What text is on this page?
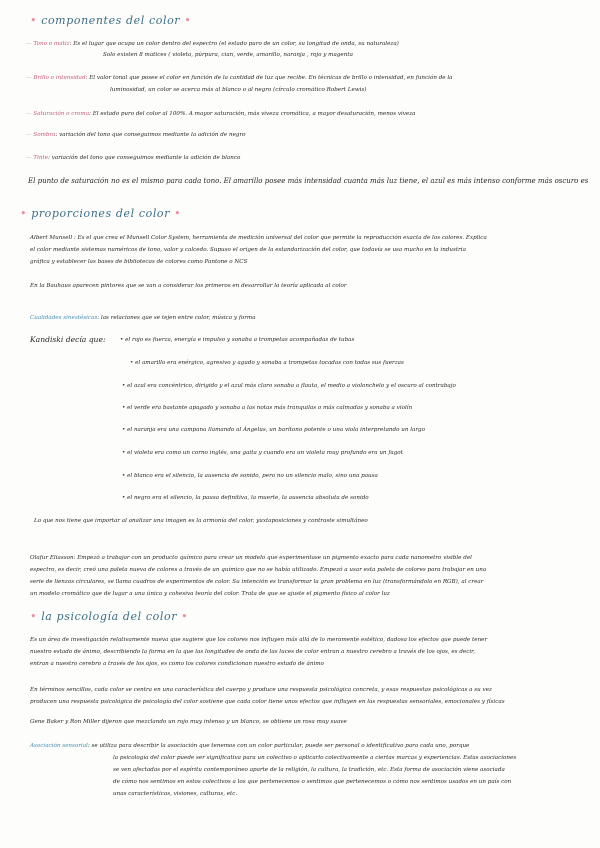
• componentes del color •
— Tono o matiz: Es el lugar que ocupa un color dentro del espectro (el estado puro de un color, su longitud de onda, su naturaleza)
Solo existen 8 matices ( violeta, púrpura, cian, verde, amarillo, naranja , rojo y magenta
— Brillo o intensidad: El valor tonal que posee el color en función de la cantidad de luz que recibe. En técnicas de brillo o intensidad, en función de la
luminosidad, un color se acerca más al blanco o al negro (círculo cromático Robert Lewis)
— Saturación o croma: El estado puro del color al 100%. A mayor saturación, más viveza cromática, a mayor desaturación, menos viveza
— Sombra: variación del tono que conseguimos mediante la adición de negro
— Tinte: variación del tono que conseguimos mediante la adición de blanco
El punto de saturación no es el mismo para cada tono. El amarillo posee más intensidad cuanta más luz tiene, el azul es más intenso conforme más oscuro es
• proporciones del color •
Albert Munsell : Es el que crea el Munsell Color System, herramienta de medición universal del color que permite la reproducción exacta de los colores. Explica
el color mediante sistemas numéricos de tono, valor y calcedo. Supuso el origen de la estandarización del color, que todavía se usa mucho en la industria
gráfica y establecer las bases de bibliotecas de colores como Pantone o NCS
En la Bauhaus aparecen pintores que se van a considerar los primeros en desarrollar la teoría aplicada al color
Cualidades sinestésicas: las relaciones que se tejen entre color, música y forma
Kandiski decía que:	• el rojo es fuerza, energía e impulso y sonaba a trompetas acompañadas de tubas
• el amarillo era enérgico, agresivo y agudo y sonaba a trompetas tocadas con todas sus fuerzas
• el azul era concéntrico, dirigido y el azul más claro sonaba a flauta, el medio a violonchelo y el oscuro al contrabajo
• el verde era bastante apagado y sonaba a las notas más tranquilas o más calmadas y sonaba a violín
• el naranja era una campana llamando al Ángelus, un barítono potente o una viola interpretando un largo
• el violeta era como un corno inglés, una gaita y cuando era un violeta muy profundo era un fagot
• el blanco era el silencio, la ausencia de sonido, pero no un silencio malo, sino una pausa
• el negro era el silencio, la pausa definitiva, la muerte, la ausencia absoluta de sonido
Lo que nos tiene que importar al analizar una imagen es la armonía del color, yuxtaposiciones y contraste simultáneo
Olafur Eliasson: Empezó a trabajar con un producto químico para crear un modelo que experimentase un pigmento exacto para cada nanometro visible del
espectro, es decir, creó una paleta nueva de colores a través de un químico que no se había utilizado. Empezó a usar esta paleta de colores para trabajar en una
serie de lienzos circulares, se llama cuadros de experimentos de color. Su intención es transformar la gran problema en luz (transformándolo en RGB), al crear
un modelo cromático que de lugar a una única y cohesiva teoría del color. Trata de que se ajuste el pigmento físico al color luz
• la psicología del color •
Es un área de investigación relativamente nueva que sugiere que los colores nos influyen más allá de lo meramente estético, dadosa los efectos que puede tener
nuestro estado de ánimo, describiendo la forma en la que las longitudes de onda de las luces de color entran a nuestro cerebro a través de los ojos, es decir,
entran a nuestro cerebro a través de los ojos, es como los colores condicionan nuestro estado de ánimo
En términos sencillos, cada color se centra en una característica del cuerpo y produce una respuesta psicológica concreta, y esas respuestas psicológicas a su vez
producen una respuesta psicológica de psicología del color sostiene que cada color tiene unos efectos que influyen en las respuestas sensoriales, emocionales y físicas
Gene Baker y Ron Miller dijeron que mezclando un rojo muy intenso y un blanco, se obtiene un rosa muy suave
Asociación sensorial: se utiliza para describir la asociación que tenemos con un color particular, puede ser personal o identificativo para cada uno, porque
la psicología del color puede ser significativa para un colectivo o aplicarlo colectivamente a ciertas marcas y experiencias. Estas asociaciones
se ven afectadas por el espíritu contemporáneo aparte de la religión, la cultura, la tradición, etc. Esta forma de asociación viene asociada
de cómo nos sentimos en estos colectivos a los que pertenecemos o sentimos que pertenecemos o cómo nos sentimos usados en un país con
unas características, visiones, culturas, etc.
